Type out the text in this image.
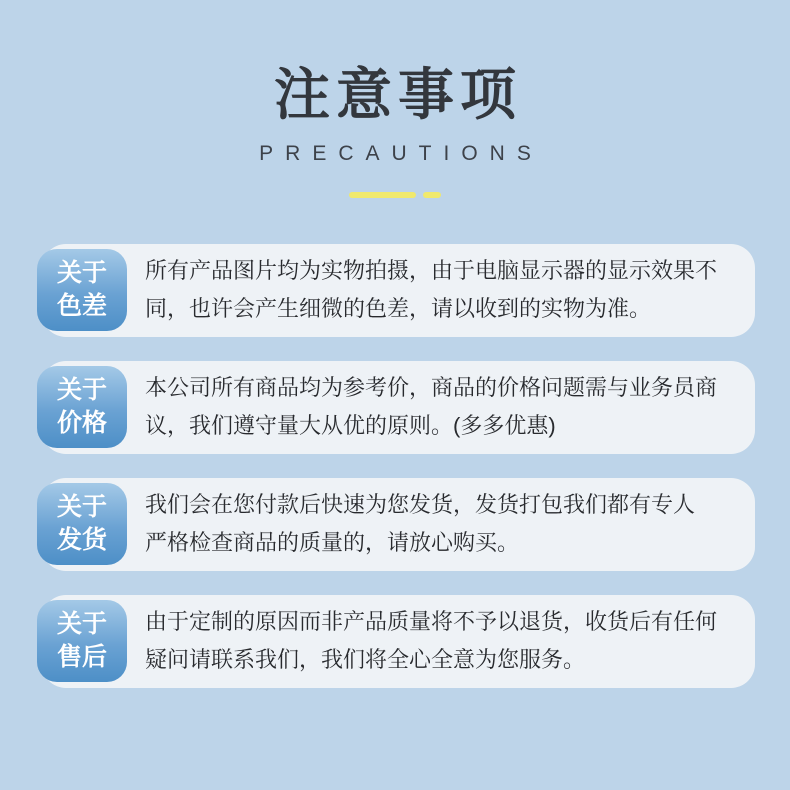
注意事项
PRECAUTIONS
关于
色差

所有产品图片均为实物拍摄，由于电脑显示器的显示效果不
同，也许会产生细微的色差，请以收到的实物为准。

关于
价格

本公司所有商品均为参考价，商品的价格问题需与业务员商
议，我们遵守量大从优的原则。(多多优惠)

关于
发货

我们会在您付款后快速为您发货，发货打包我们都有专人
严格检查商品的质量的，请放心购买。

关于
售后

由于定制的原因而非产品质量将不予以退货，收货后有任何
疑问请联系我们，我们将全心全意为您服务。
